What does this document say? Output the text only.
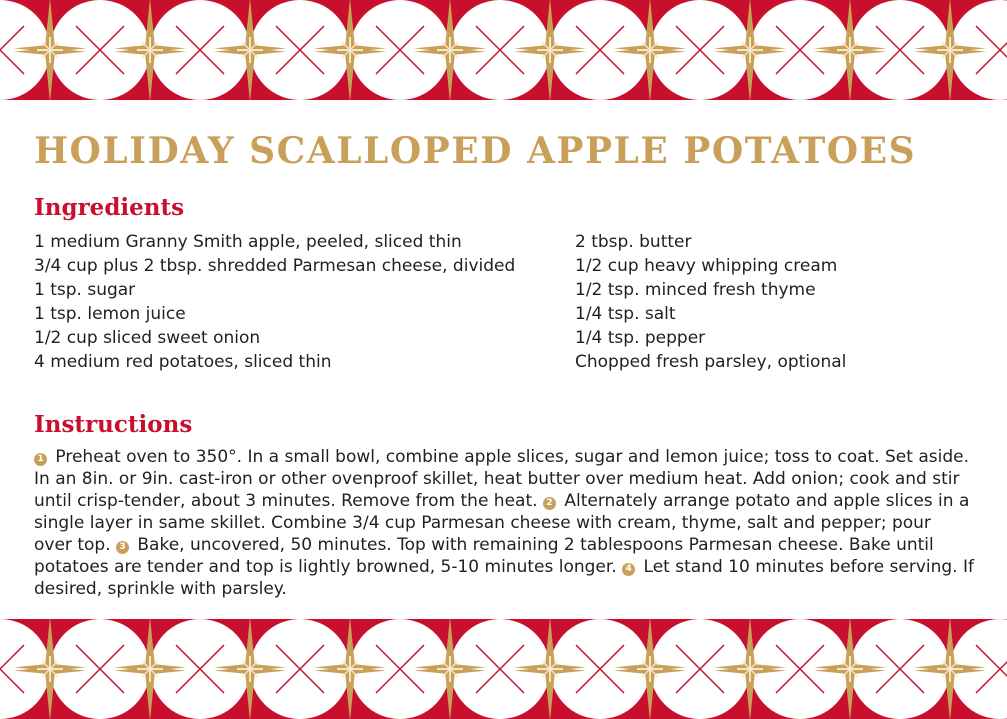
HOLIDAY SCALLOPED APPLE POTATOES
Ingredients
1 medium Granny Smith apple, peeled, sliced thin
3/4 cup plus 2 tbsp. shredded Parmesan cheese, divided
1 tsp. sugar
1 tsp. lemon juice
1/2 cup sliced sweet onion
4 medium red potatoes, sliced thin
2 tbsp. butter
1/2 cup heavy whipping cream
1/2 tsp. minced fresh thyme
1/4 tsp. salt
1/4 tsp. pepper
Chopped fresh parsley, optional
Instructions

1 Preheat oven to 350°. In a small bowl, combine apple slices, sugar and lemon juice; toss to coat. Set aside. In an 8in. or 9in. cast-iron or other ovenproof skillet, heat butter over medium heat. Add onion; cook and stir until crisp-tender, about 3 minutes. Remove from the heat. 2 Alternately arrange potato and apple slices in a single layer in same skillet. Combine 3/4 cup Parmesan cheese with cream, thyme, salt and pepper; pour over top. 3 Bake, uncovered, 50 minutes. Top with remaining 2 tablespoons Parmesan cheese. Bake until potatoes are tender and top is lightly browned, 5-10 minutes longer. 4 Let stand 10 minutes before serving. If desired, sprinkle with parsley.
